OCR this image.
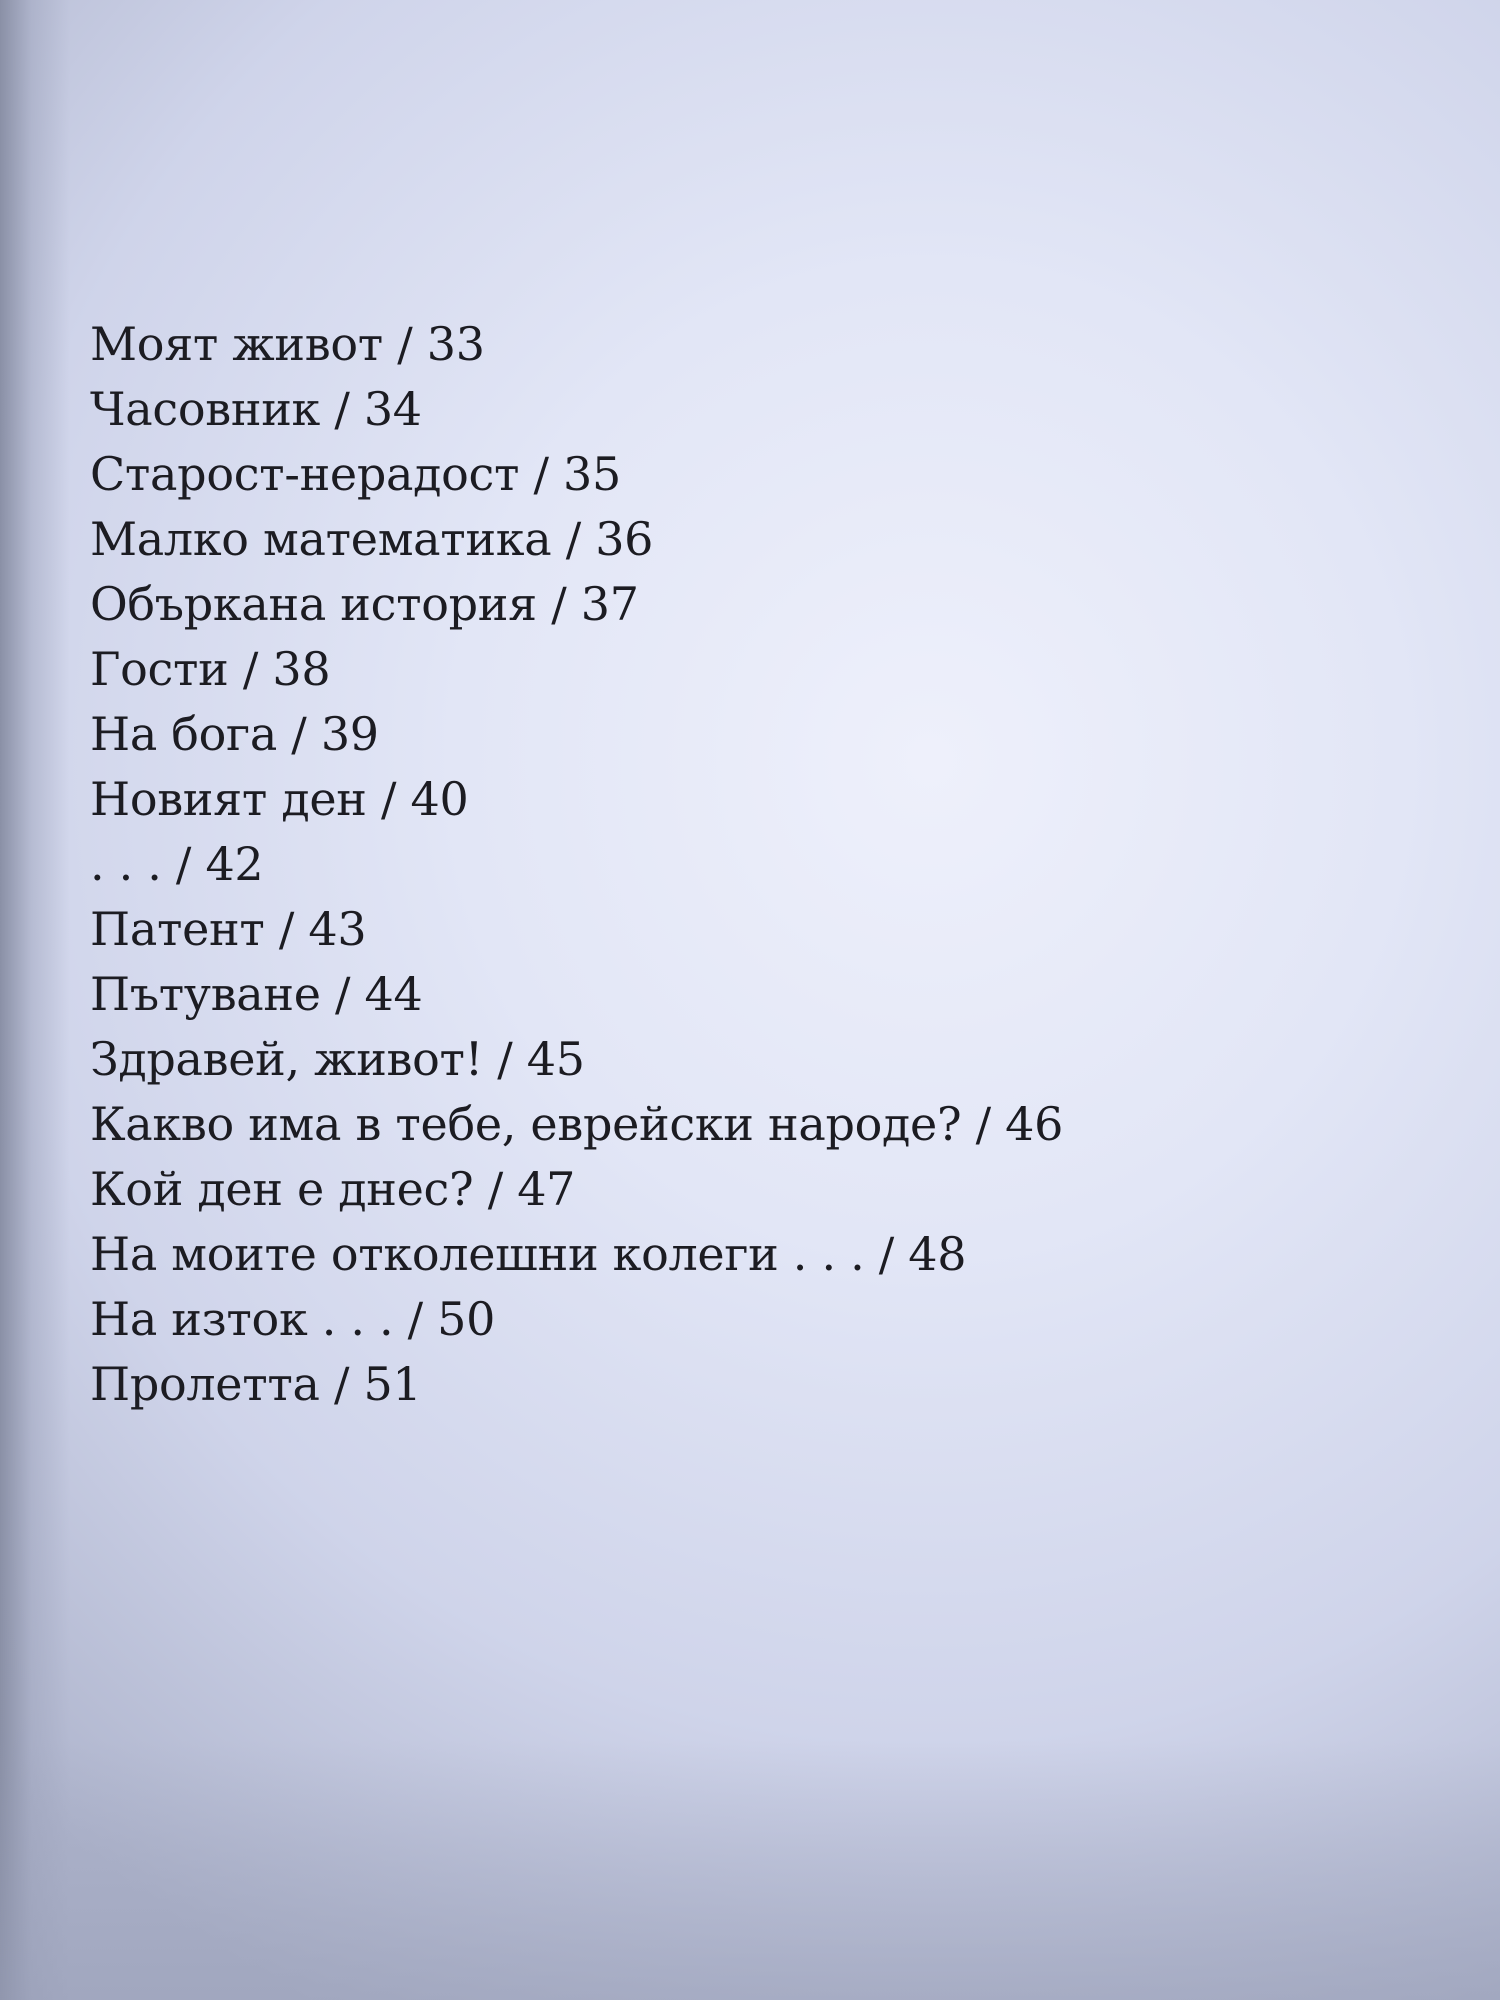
Моят живот / 33
Часовник / 34
Старост-нерадост / 35
Малко математика / 36
Объркана история / 37
Гости / 38
На бога / 39
Новият ден / 40
. . . / 42
Патент / 43
Пътуване / 44
Здравей, живот! / 45
Какво има в тебе, еврейски народе? / 46
Кой ден е днес? / 47
На моите отколешни колеги . . . / 48
На изток . . . / 50
Пролетта / 51
